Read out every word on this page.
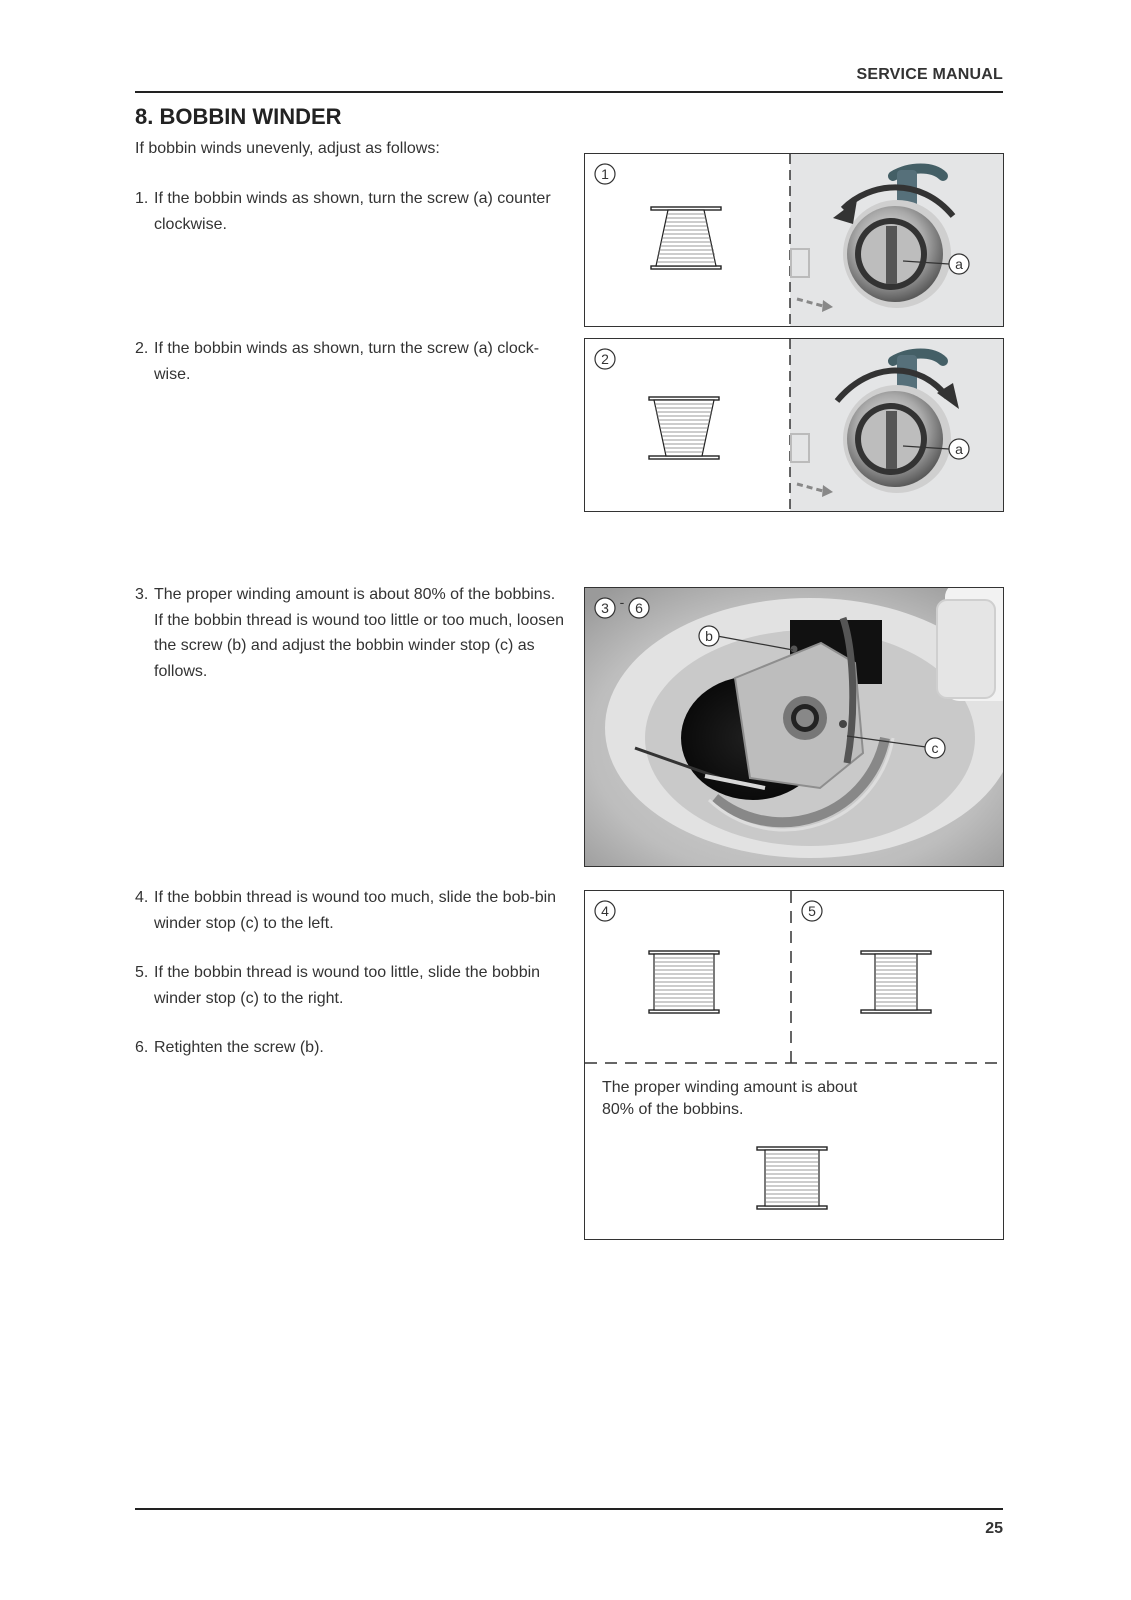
SERVICE MANUAL
8. BOBBIN WINDER
If bobbin winds unevenly, adjust as follows:
1. If the bobbin winds as shown, turn the screw (a) counter clockwise.
2. If the bobbin winds as shown, turn the screw (a) clock-wise.
3. The proper winding amount is about 80% of the bobbins. If the bobbin thread is wound too little or too much, loosen the screw (b) and adjust the bobbin winder stop (c) as follows.
4. If the bobbin thread is wound too much, slide the bob-bin winder stop (c) to the left.
5. If the bobbin thread is wound too little, slide the bobbin winder stop (c) to the right.
6. Retighten the screw (b).
1
a
2
a
b
c
3 - 6
4	5
The proper winding amount is about 80% of the bobbins.
25
